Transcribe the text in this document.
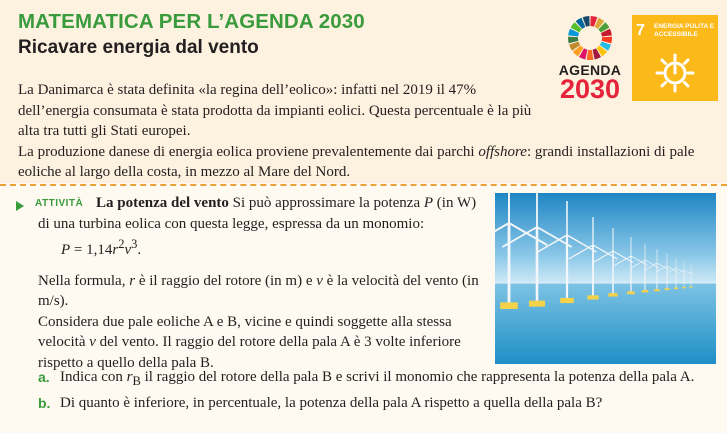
MATEMATICA PER L’AGENDA 2030
Ricavare energia dal vento
AGENDA
2030
7 ENERGIA PULITA E ACCESSIBILE

La Danimarca è stata definita «la regina dell’eolico»: infatti nel 2019 il 47% dell’energia consumata è stata prodotta da impianti eolici. Questa percentuale è la più alta tra tutti gli Stati europei.

La produzione danese di energia eolica proviene prevalentemente dai parchi offshore: grandi installazioni di pale eoliche al largo della costa, in mezzo al Mare del Nord.

ATTIVITÀ La potenza del vento Si può approssimare la potenza P (in W) di una turbina eolica con questa legge, espressa da un monomio:

$P = 1,14r^2v^3$.

Nella formula, r è il raggio del rotore (in m) e v è la velocità del vento (in m/s).

Considera due pale eoliche A e B, vicine e quindi soggette alla stessa velocità v del vento. Il raggio del rotore della pala A è 3 volte inferiore rispetto a quello della pala B.

a. Indica con $r_B$ il raggio del rotore della pala B e scrivi il monomio che rappresenta la potenza della pala A.
b. Di quanto è inferiore, in percentuale, la potenza della pala A rispetto a quella della pala B?
